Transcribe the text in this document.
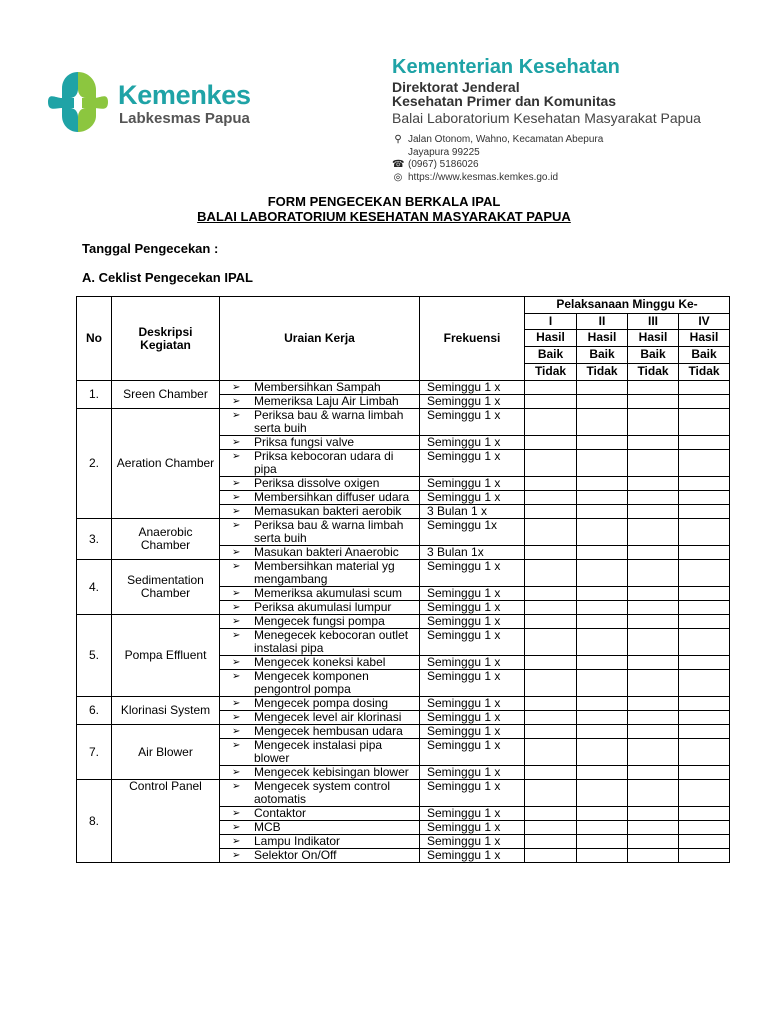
Kemenkes
Labkesmas Papua
Kementerian Kesehatan
Direktorat Jenderal
Kesehatan Primer dan Komunitas
Balai Laboratorium Kesehatan Masyarakat Papua
⚲ Jalan Otonom, Wahno, Kecamatan Abepura
Jayapura 99225
☎ (0967) 5186026
◎ https://www.kesmas.kemkes.go.id
FORM PENGECEKAN BERKALA IPAL
BALAI LABORATORIUM KESEHATAN MASYARAKAT PAPUA
Tanggal Pengecekan :
A. Ceklist Pengecekan IPAL
No	Deskripsi Kegiatan	Uraian Kerja	Frekuensi	Pelaksanaan Minggu Ke-			
				I	II	III	IV
				Hasil	Hasil	Hasil	Hasil
				Baik	Baik	Baik	Baik
				Tidak	Tidak	Tidak	Tidak
1.	Sreen Chamber	➢ Membersihkan Sampah	Seminggu 1 x				

		➢ Memeriksa Laju Air Limbah	Seminggu 1 x				
2.	Aeration Chamber	➢ Periksa bau & warna limbah serta buih	Seminggu 1 x				

		➢ Priksa fungsi valve	Seminggu 1 x				

		➢ Priksa kebocoran udara di pipa	Seminggu 1 x				

		➢ Periksa dissolve oxigen	Seminggu 1 x				

		➢ Membersihkan diffuser udara	Seminggu 1 x				

		➢ Memasukan bakteri aerobik	3 Bulan 1 x				
3.	Anaerobic Chamber	➢ Periksa bau & warna limbah serta buih	Seminggu 1x				

		➢ Masukan bakteri Anaerobic	3 Bulan 1x				
4.	Sedimentation Chamber	➢ Membersihkan material yg mengambang	Seminggu 1 x				

		➢ Memeriksa akumulasi scum	Seminggu 1 x				

		➢ Periksa akumulasi lumpur	Seminggu 1 x				
5.	Pompa Effluent	➢ Mengecek fungsi pompa	Seminggu 1 x				

		➢ Menegecek kebocoran outlet instalasi pipa	Seminggu 1 x				

		➢ Mengecek koneksi kabel	Seminggu 1 x				

		➢ Mengecek komponen pengontrol pompa	Seminggu 1 x				
6.	Klorinasi System	➢ Mengecek pompa dosing	Seminggu 1 x				

		➢ Mengecek level air klorinasi	Seminggu 1 x				
7.	Air Blower	➢ Mengecek hembusan udara	Seminggu 1 x				

		➢ Mengecek instalasi pipa blower	Seminggu 1 x				

		➢ Mengecek kebisingan blower	Seminggu 1 x				
8.	Control Panel	➢ Mengecek system control aotomatis	Seminggu 1 x				

		➢ Contaktor	Seminggu 1 x				

		➢ MCB	Seminggu 1 x				

		➢ Lampu Indikator	Seminggu 1 x				

		➢ Selektor On/Off	Seminggu 1 x				
